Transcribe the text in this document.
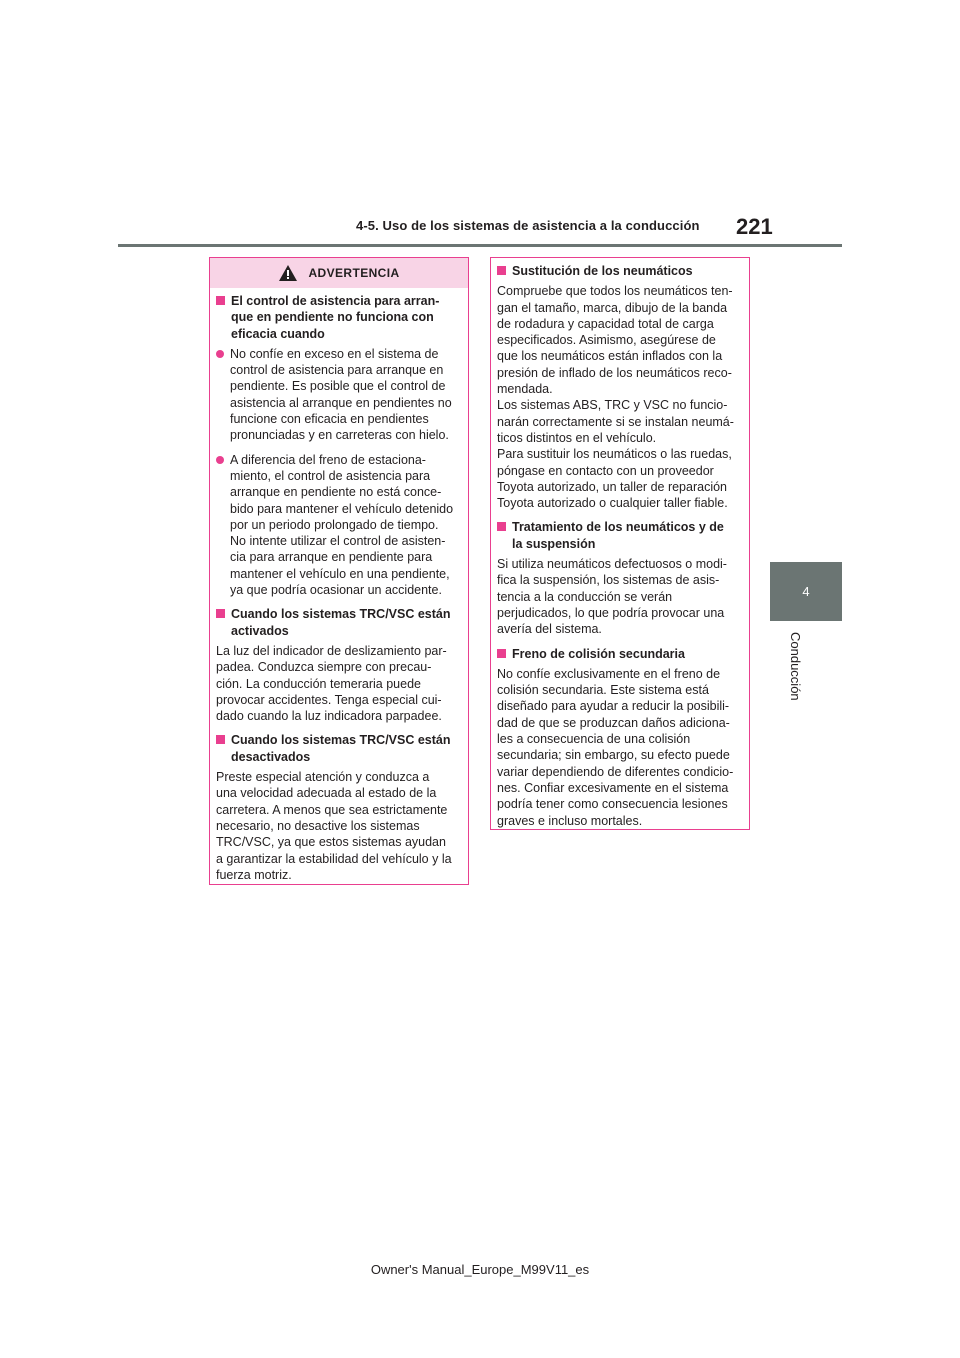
4-5. Uso de los sistemas de asistencia a la conducción 221
4
Conducción
ADVERTENCIA
El control de asistencia para arran-
que en pendiente no funciona con
eficacia cuando
No confíe en exceso en el sistema de
control de asistencia para arranque en
pendiente. Es posible que el control de
asistencia al arranque en pendientes no
funcione con eficacia en pendientes
pronunciadas y en carreteras con hielo.
A diferencia del freno de estaciona-
miento, el control de asistencia para
arranque en pendiente no está conce-
bido para mantener el vehículo detenido
por un periodo prolongado de tiempo.
No intente utilizar el control de asisten-
cia para arranque en pendiente para
mantener el vehículo en una pendiente,
ya que podría ocasionar un accidente.
Cuando los sistemas TRC/VSC están
activados
La luz del indicador de deslizamiento par-
padea. Conduzca siempre con precau-
ción. La conducción temeraria puede
provocar accidentes. Tenga especial cui-
dado cuando la luz indicadora parpadee.
Cuando los sistemas TRC/VSC están
desactivados
Preste especial atención y conduzca a
una velocidad adecuada al estado de la
carretera. A menos que sea estrictamente
necesario, no desactive los sistemas
TRC/VSC, ya que estos sistemas ayudan
a garantizar la estabilidad del vehículo y la
fuerza motriz.
Sustitución de los neumáticos
Compruebe que todos los neumáticos ten-
gan el tamaño, marca, dibujo de la banda
de rodadura y capacidad total de carga
especificados. Asimismo, asegúrese de
que los neumáticos están inflados con la
presión de inflado de los neumáticos reco-
mendada.
Los sistemas ABS, TRC y VSC no funcio-
narán correctamente si se instalan neumá-
ticos distintos en el vehículo.
Para sustituir los neumáticos o las ruedas,
póngase en contacto con un proveedor
Toyota autorizado, un taller de reparación
Toyota autorizado o cualquier taller fiable.
Tratamiento de los neumáticos y de
la suspensión
Si utiliza neumáticos defectuosos o modi-
fica la suspensión, los sistemas de asis-
tencia a la conducción se verán
perjudicados, lo que podría provocar una
avería del sistema.
Freno de colisión secundaria
No confíe exclusivamente en el freno de
colisión secundaria. Este sistema está
diseñado para ayudar a reducir la posibili-
dad de que se produzcan daños adiciona-
les a consecuencia de una colisión
secundaria; sin embargo, su efecto puede
variar dependiendo de diferentes condicio-
nes. Confiar excesivamente en el sistema
podría tener como consecuencia lesiones
graves e incluso mortales.
Owner's Manual_Europe_M99V11_es
